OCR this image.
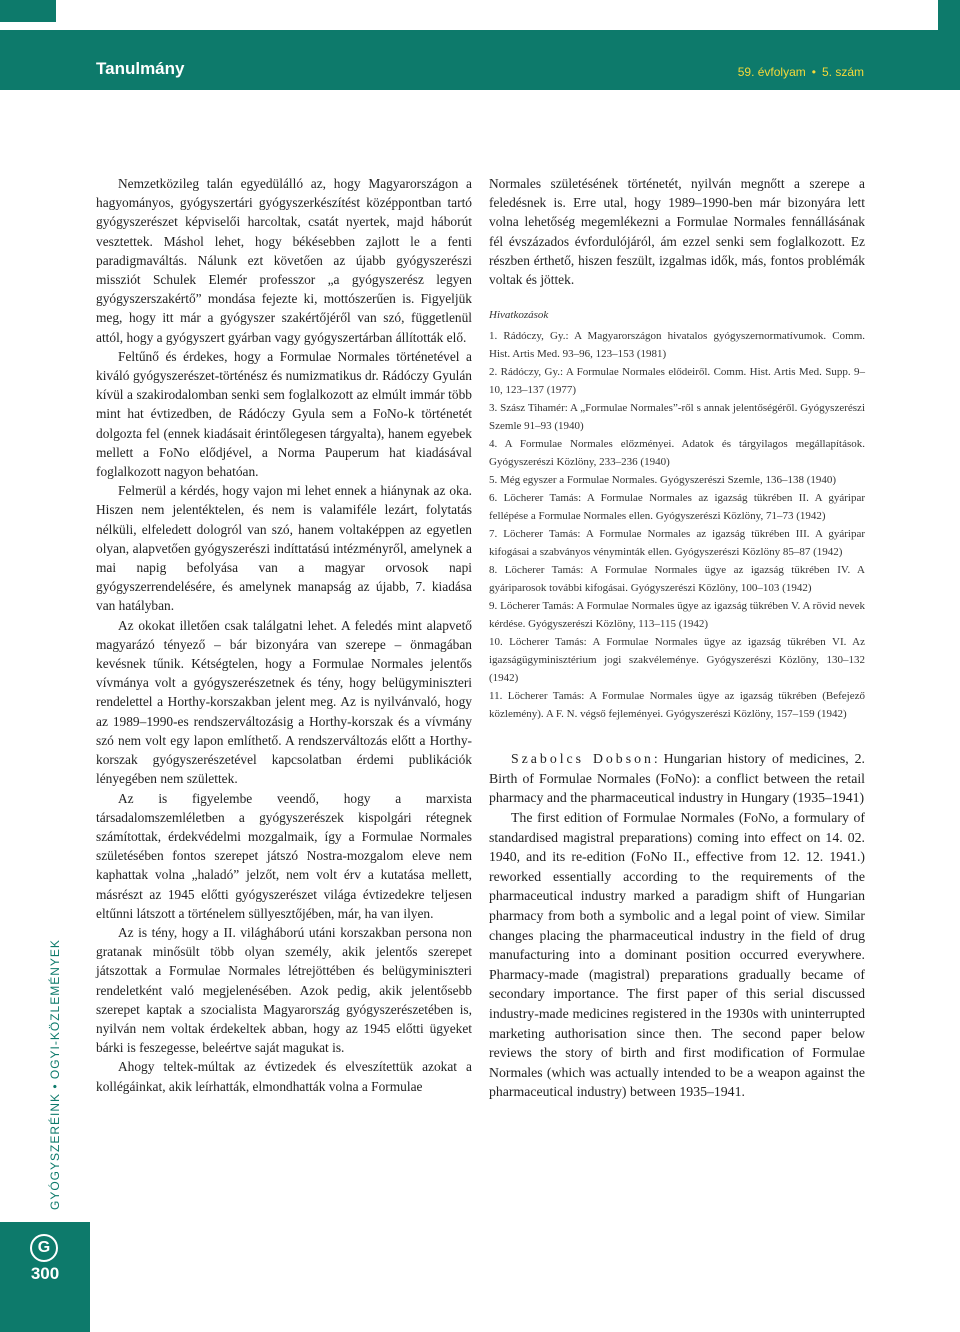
Tanulmány	59. évfolyam • 5. szám
GYÓGYSZERÉINK • OGYI-KÖZLEMÉNYEK
G
300

Nemzetközileg talán egyedülálló az, hogy Magyarországon a hagyományos, gyógyszertári gyógyszerkészítést középpontban tartó gyógyszerészet képviselői harcoltak, csatát nyertek, majd háborút vesztettek. Máshol lehet, hogy békésebben zajlott le a fenti paradigmaváltás. Nálunk ezt követően az újabb gyógyszerészi missziót Schulek Elemér professzor „a gyógyszerész legyen gyógyszerszakértő” mondása fejezte ki, mottószerűen is. Figyeljük meg, hogy itt már a gyógyszer szakértőjéről van szó, függetlenül attól, hogy a gyógyszert gyárban vagy gyógyszertárban állították elő.

Feltűnő és érdekes, hogy a Formulae Normales történetével a kiváló gyógyszerészet-történész és numizmatikus dr. Rádóczy Gyulán kívül a szakirodalomban senki sem foglalkozott az elmúlt immár több mint hat évtizedben, de Rádóczy Gyula sem a FoNo-k történetét dolgozta fel (ennek kiadásait érintőlegesen tárgyalta), hanem egyebek mellett a FoNo elődjével, a Norma Pauperum hat kiadásával foglalkozott nagyon behatóan.

Felmerül a kérdés, hogy vajon mi lehet ennek a hiánynak az oka. Hiszen nem jelentéktelen, és nem is valamiféle lezárt, folytatás nélküli, elfeledett dologról van szó, hanem voltaképpen az egyetlen olyan, alapvetően gyógyszerészi indíttatású intézményről, amelynek a mai napig befolyása van a magyar orvosok napi gyógyszerrendelésére, és amelynek manapság az újabb, 7. kiadása van hatályban.

Az okokat illetően csak találgatni lehet. A feledés mint alapvető magyarázó tényező – bár bizonyára van szerepe – önmagában kevésnek tűnik. Kétségtelen, hogy a Formulae Normales jelentős vívmánya volt a gyógyszerészetnek és tény, hogy belügyminiszteri rendelettel a Horthy-korszakban jelent meg. Az is nyilvánvaló, hogy az 1989–1990-es rendszerváltozásig a Horthy-korszak és a vívmány szó nem volt egy lapon említhető. A rendszerváltozás előtt a Horthy-korszak gyógyszerészetével kapcsolatban érdemi publikációk lényegében nem születtek.

Az is figyelembe veendő, hogy a marxista társadalomszemléletben a gyógyszerészek kispolgári rétegnek számítottak, érdekvédelmi mozgalmaik, így a Formulae Normales születésében fontos szerepet játszó Nostra-mozgalom eleve nem kaphattak volna „haladó” jelzőt, nem volt érv a kutatása mellett, másrészt az 1945 előtti gyógyszerészet világa évtizedekre teljesen eltűnni látszott a történelem süllyesztőjében, már, ha van ilyen.

Az is tény, hogy a II. világháború utáni korszakban persona non gratanak minősült több olyan személy, akik jelentős szerepet játszottak a Formulae Normales létrejöttében és belügyminiszteri rendeletként való megjelenésében. Azok pedig, akik jelentősebb szerepet kaptak a szocialista Magyarország gyógyszerészetében is, nyilván nem voltak érdekeltek abban, hogy az 1945 előtti ügyeket bárki is feszegesse, beleértve saját magukat is.

Ahogy teltek-múltak az évtizedek és elveszítettük azokat a kollégáinkat, akik leírhatták, elmondhatták volna a Formulae

Normales születésének történetét, nyilván megnőtt a szerepe a feledésnek is. Erre utal, hogy 1989–1990-ben már bizonyára lett volna lehetőség megemlékezni a Formulae Normales fennállásának fél évszázados évfordulójáról, ám ezzel senki sem foglalkozott. Ez részben érthető, hiszen feszült, izgalmas idők, más, fontos problémák voltak és jöttek.

Hivatkozások
1. Rádóczy, Gy.: A Magyarországon hivatalos gyógyszernormatívumok. Comm. Hist. Artis Med. 93–96, 123–153 (1981)
2. Rádóczy, Gy.: A Formulae Normales elődeiről. Comm. Hist. Artis Med. Supp. 9–10, 123–137 (1977)
3. Szász Tihamér: A „Formulae Normales”-ről s annak jelentőségéről. Gyógyszerészi Szemle 91–93 (1940)
4. A Formulae Normales előzményei. Adatok és tárgyilagos megállapítások. Gyógyszerészi Közlöny, 233–236 (1940)
5. Még egyszer a Formulae Normales. Gyógyszerészi Szemle, 136–138 (1940)
6. Löcherer Tamás: A Formulae Normales az igazság tükrében II. A gyáripar fellépése a Formulae Normales ellen. Gyógyszerészi Közlöny, 71–73 (1942)
7. Löcherer Tamás: A Formulae Normales az igazság tükrében III. A gyáripar kifogásai a szabványos vényminták ellen. Gyógyszerészi Közlöny 85–87 (1942)
8. Löcherer Tamás: A Formulae Normales ügye az igazság tükrében IV. A gyáriparosok további kifogásai. Gyógyszerészi Közlöny, 100–103 (1942)
9. Löcherer Tamás: A Formulae Normales ügye az igazság tükrében V. A rövid nevek kérdése. Gyógyszerészi Közlöny, 113–115 (1942)
10. Löcherer Tamás: A Formulae Normales ügye az igazság tükrében VI. Az igazságügyminisztérium jogi szakvéleménye. Gyógyszerészi Közlöny, 130–132 (1942)
11. Löcherer Tamás: A Formulae Normales ügye az igazság tükrében (Befejező közlemény). A F. N. végső fejleményei. Gyógyszerészi Közlöny, 157–159 (1942)

Szabolcs Dobson: Hungarian history of medicines, 2. Birth of Formulae Normales (FoNo): a conflict between the retail pharmacy and the pharmaceutical industry in Hungary (1935–1941)

The first edition of Formulae Normales (FoNo, a formulary of standardised magistral preparations) coming into effect on 14. 02. 1940, and its re-edition (FoNo II., effective from 12. 12. 1941.) reworked essentially according to the requirements of the pharmaceutical industry marked a paradigm shift of Hungarian pharmacy from both a symbolic and a legal point of view. Similar changes placing the pharmaceutical industry in the field of drug manufacturing into a dominant position occurred everywhere. Pharmacy-made (magistral) preparations gradually became of secondary importance. The first paper of this serial discussed industry-made medicines registered in the 1930s with uninterrupted marketing authorisation since then. The second paper below reviews the story of birth and first modification of Formulae Normales (which was actually intended to be a weapon against the pharmaceutical industry) between 1935–1941.
